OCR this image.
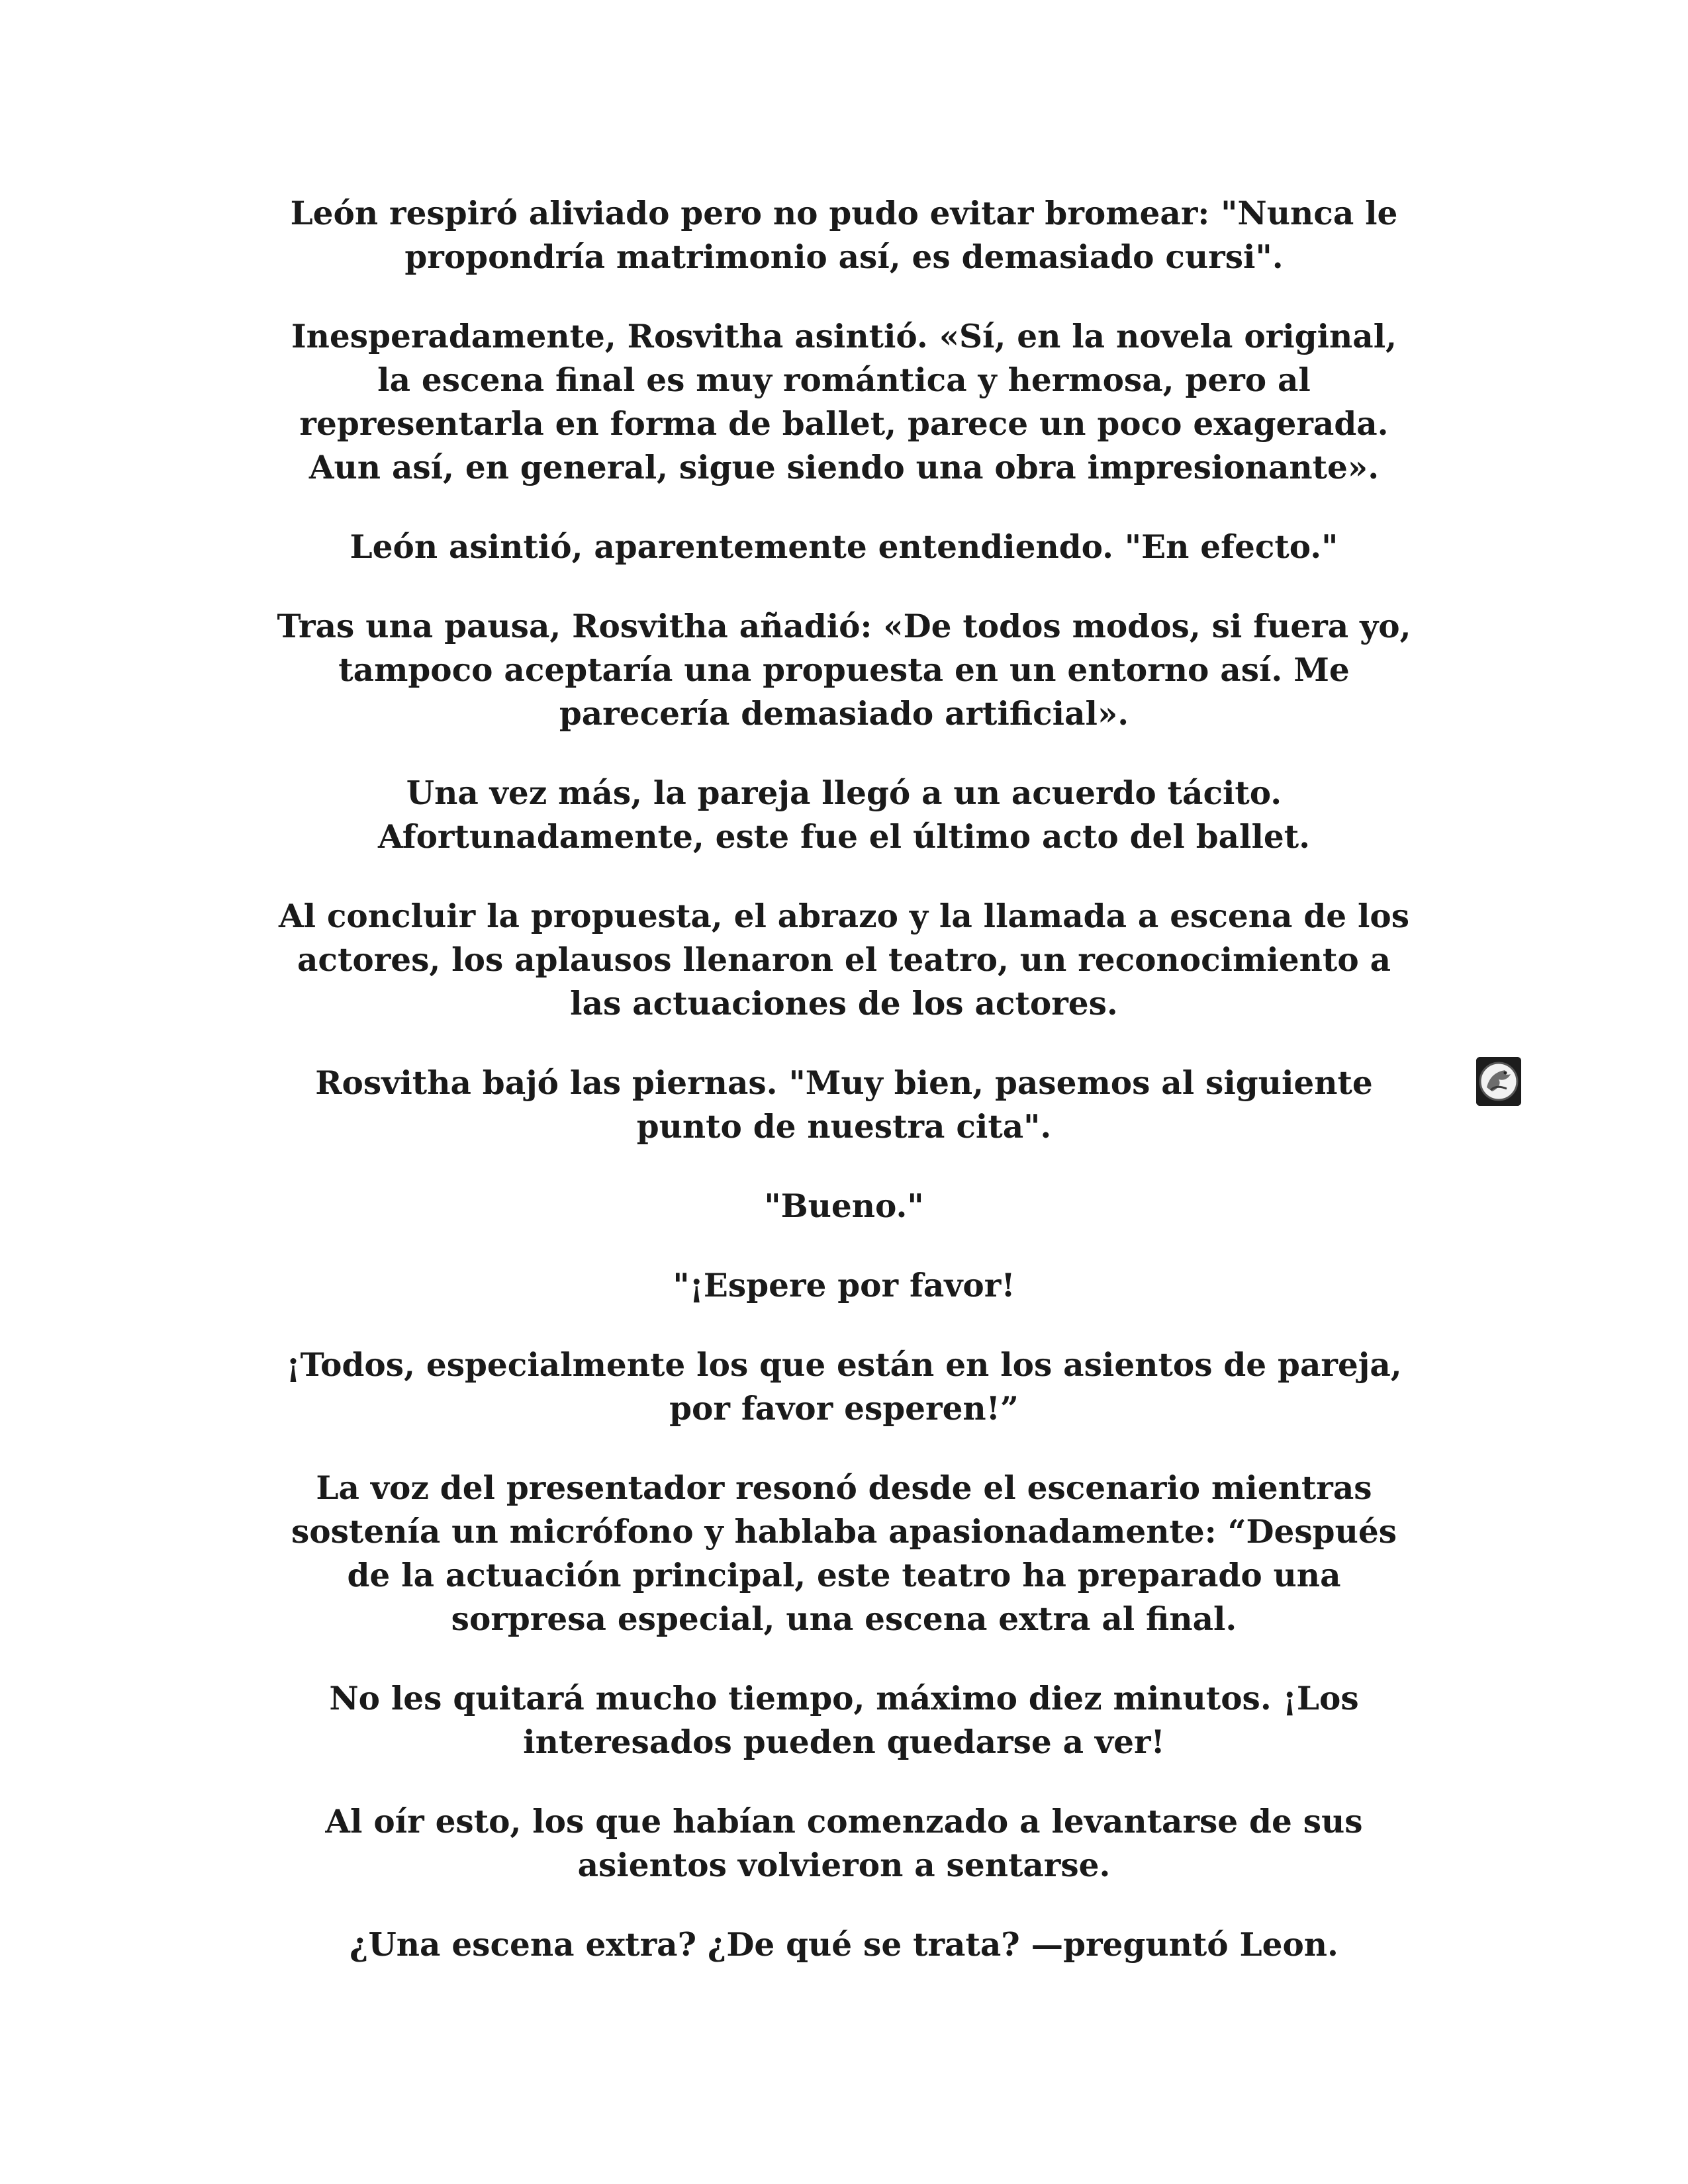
León respiró aliviado pero no pudo evitar bromear: "Nunca le
propondría matrimonio así, es demasiado cursi".

Inesperadamente, Rosvitha asintió. «Sí, en la novela original,
la escena final es muy romántica y hermosa, pero al
representarla en forma de ballet, parece un poco exagerada.
Aun así, en general, sigue siendo una obra impresionante».

León asintió, aparentemente entendiendo. "En efecto."

Tras una pausa, Rosvitha añadió: «De todos modos, si fuera yo,
tampoco aceptaría una propuesta en un entorno así. Me
parecería demasiado artificial».

Una vez más, la pareja llegó a un acuerdo tácito.
Afortunadamente, este fue el último acto del ballet.

Al concluir la propuesta, el abrazo y la llamada a escena de los
actores, los aplausos llenaron el teatro, un reconocimiento a
las actuaciones de los actores.

Rosvitha bajó las piernas. "Muy bien, pasemos al siguiente
punto de nuestra cita".

"Bueno."

"¡Espere por favor!

¡Todos, especialmente los que están en los asientos de pareja,
por favor esperen!”

La voz del presentador resonó desde el escenario mientras
sostenía un micrófono y hablaba apasionadamente: “Después
de la actuación principal, este teatro ha preparado una
sorpresa especial, una escena extra al final.

No les quitará mucho tiempo, máximo diez minutos. ¡Los
interesados pueden quedarse a ver!

Al oír esto, los que habían comenzado a levantarse de sus
asientos volvieron a sentarse.

¿Una escena extra? ¿De qué se trata? —preguntó Leon.
